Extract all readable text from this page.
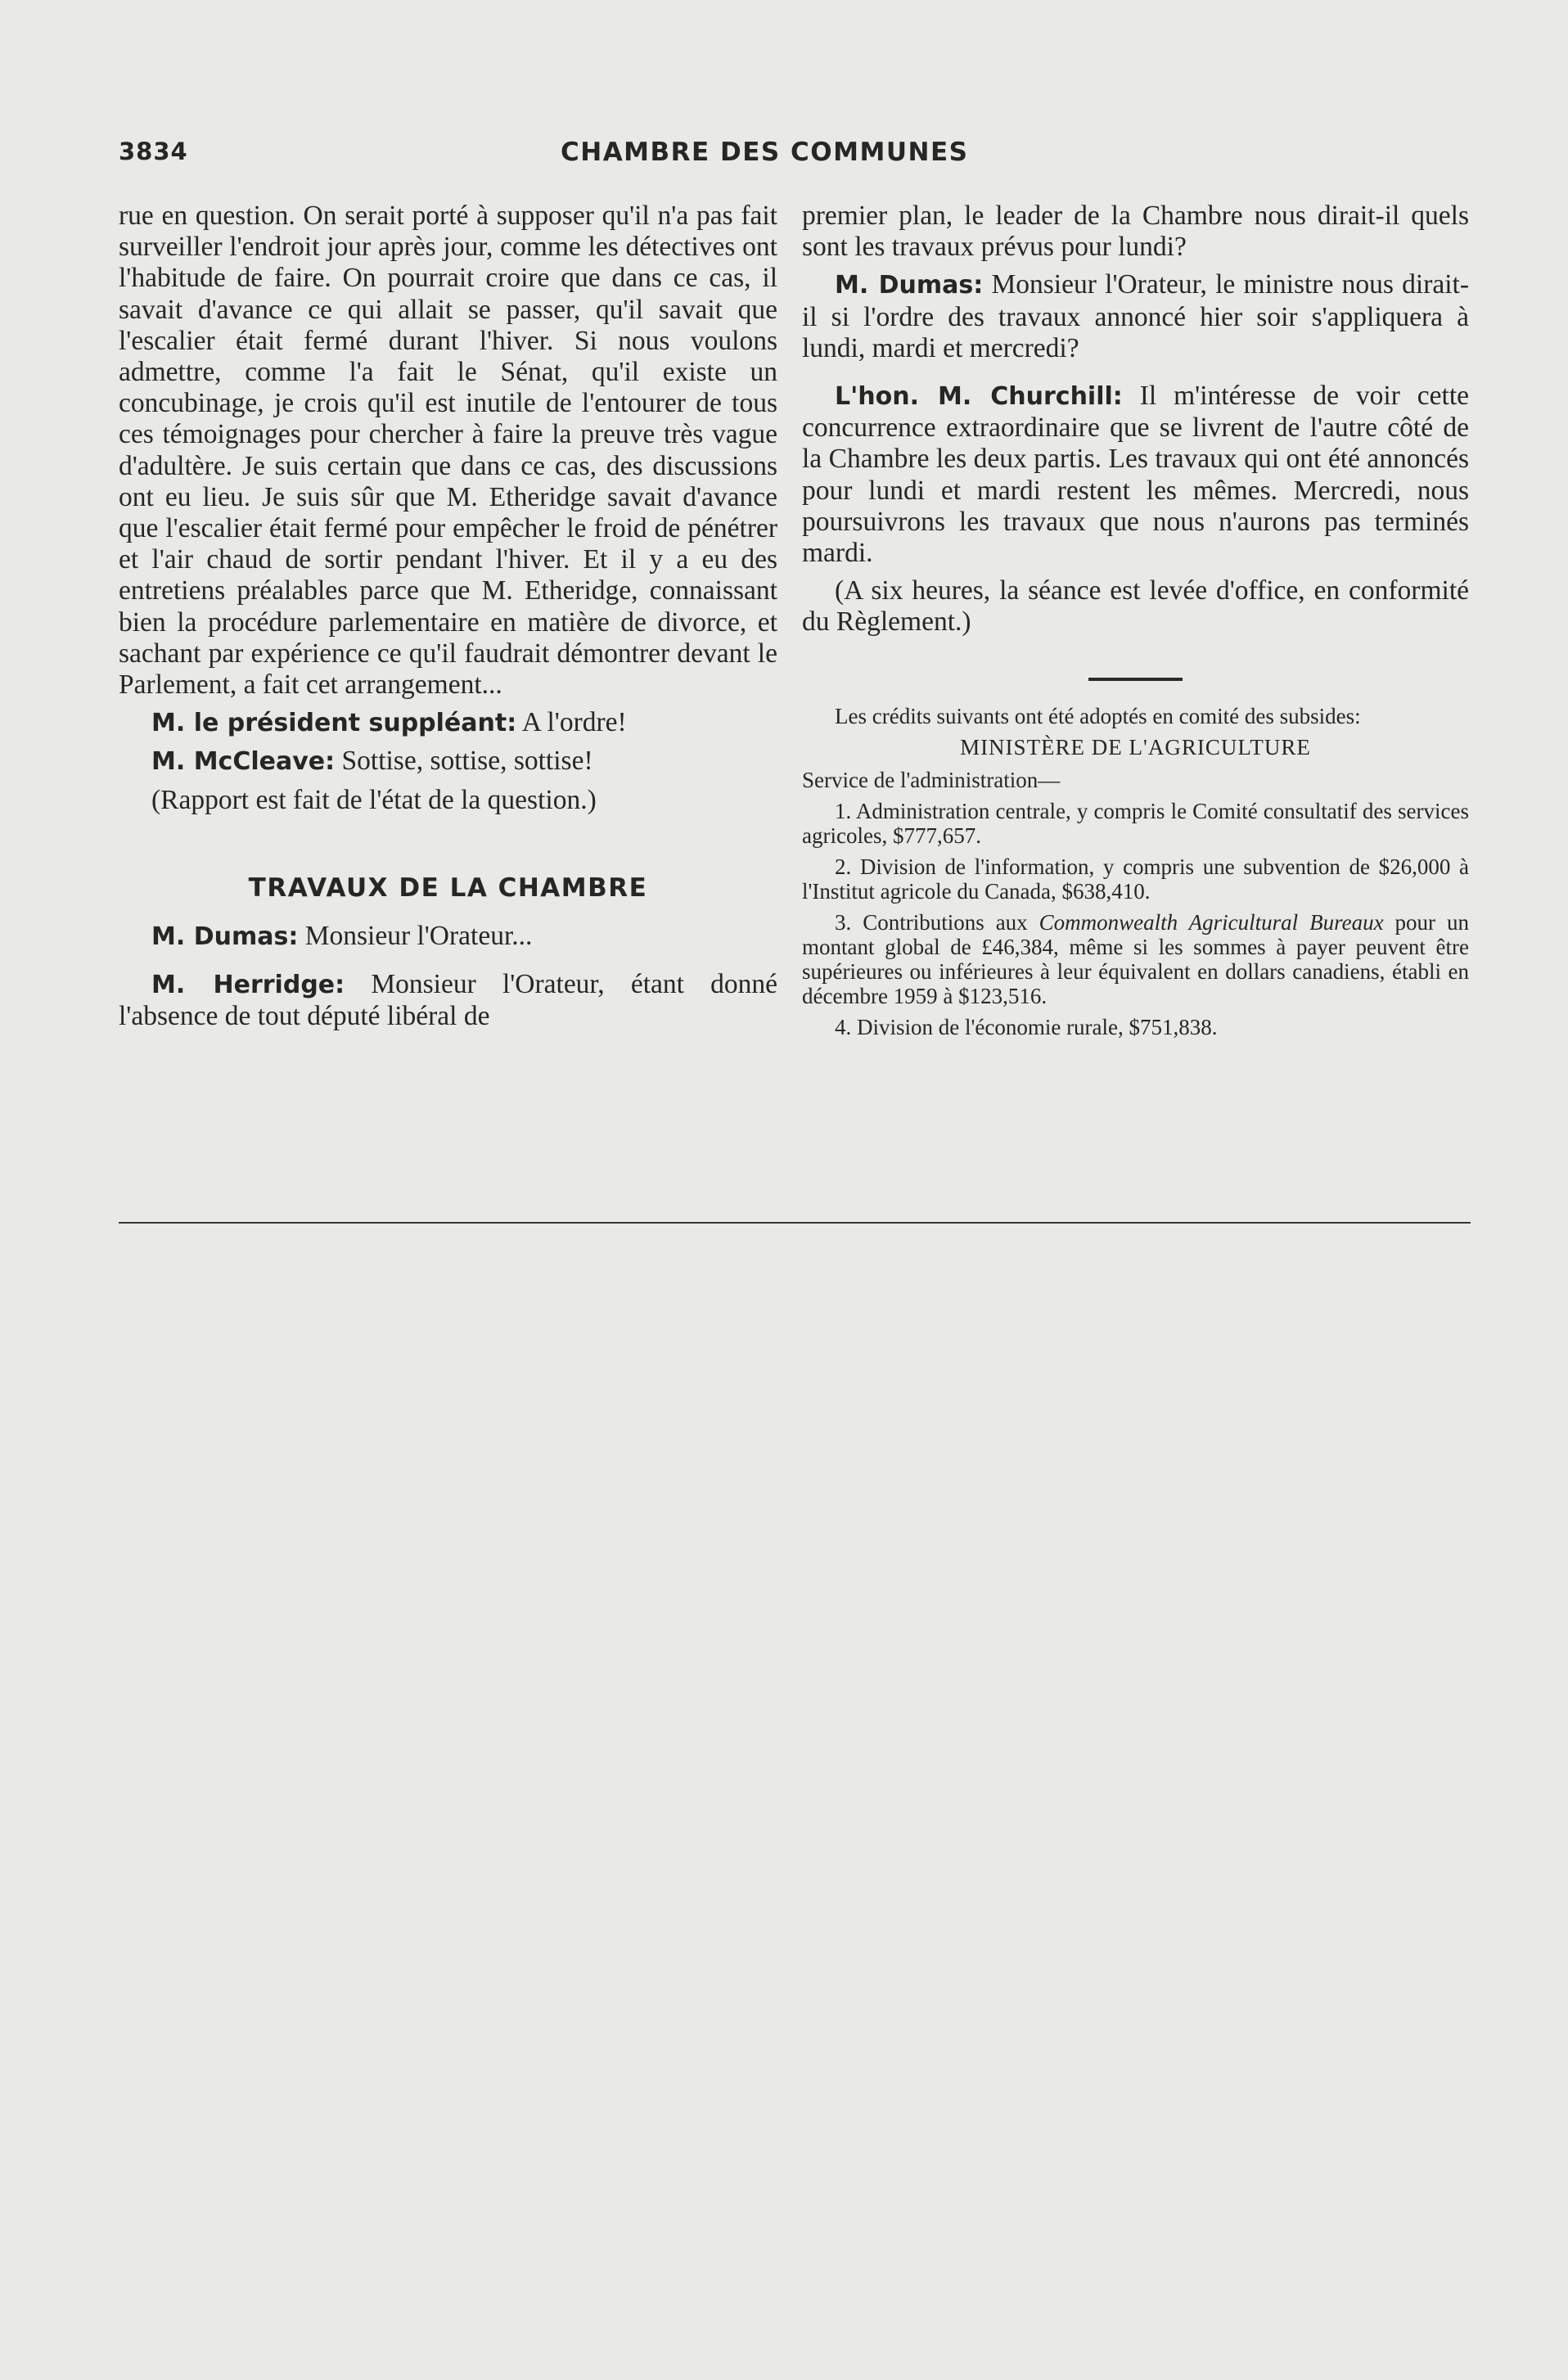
3834	CHAMBRE DES COMMUNES

rue en question. On serait porté à supposer qu'il n'a pas fait surveiller l'endroit jour après jour, comme les détectives ont l'habitude de faire. On pourrait croire que dans ce cas, il savait d'avance ce qui allait se passer, qu'il savait que l'escalier était fermé durant l'hiver. Si nous voulons admettre, comme l'a fait le Sénat, qu'il existe un concubinage, je crois qu'il est inutile de l'entourer de tous ces témoignages pour chercher à faire la preuve très vague d'adultère. Je suis certain que dans ce cas, des discussions ont eu lieu. Je suis sûr que M. Etheridge savait d'avance que l'escalier était fermé pour empêcher le froid de pénétrer et l'air chaud de sortir pendant l'hiver. Et il y a eu des entretiens préalables parce que M. Etheridge, connaissant bien la procédure parlementaire en matière de divorce, et sachant par expérience ce qu'il faudrait démontrer devant le Parlement, a fait cet arrangement...

M. le président suppléant: A l'ordre!

M. McCleave: Sottise, sottise, sottise!

(Rapport est fait de l'état de la question.)

TRAVAUX DE LA CHAMBRE

M. Dumas: Monsieur l'Orateur...

M. Herridge: Monsieur l'Orateur, étant donné l'absence de tout député libéral de

premier plan, le leader de la Chambre nous dirait-il quels sont les travaux prévus pour lundi?

M. Dumas: Monsieur l'Orateur, le ministre nous dirait-il si l'ordre des travaux annoncé hier soir s'appliquera à lundi, mardi et mercredi?

L'hon. M. Churchill: Il m'intéresse de voir cette concurrence extraordinaire que se livrent de l'autre côté de la Chambre les deux partis. Les travaux qui ont été annoncés pour lundi et mardi restent les mêmes. Mercredi, nous poursuivrons les travaux que nous n'aurons pas terminés mardi.

(A six heures, la séance est levée d'office, en conformité du Règlement.)

Les crédits suivants ont été adoptés en comité des subsides:

MINISTÈRE DE L'AGRICULTURE

Service de l'administration—

1. Administration centrale, y compris le Comité consultatif des services agricoles, $777,657.

2. Division de l'information, y compris une subvention de $26,000 à l'Institut agricole du Canada, $638,410.

3. Contributions aux Commonwealth Agricultural Bureaux pour un montant global de £46,384, même si les sommes à payer peuvent être supérieures ou inférieures à leur équivalent en dollars canadiens, établi en décembre 1959 à $123,516.

4. Division de l'économie rurale, $751,838.
